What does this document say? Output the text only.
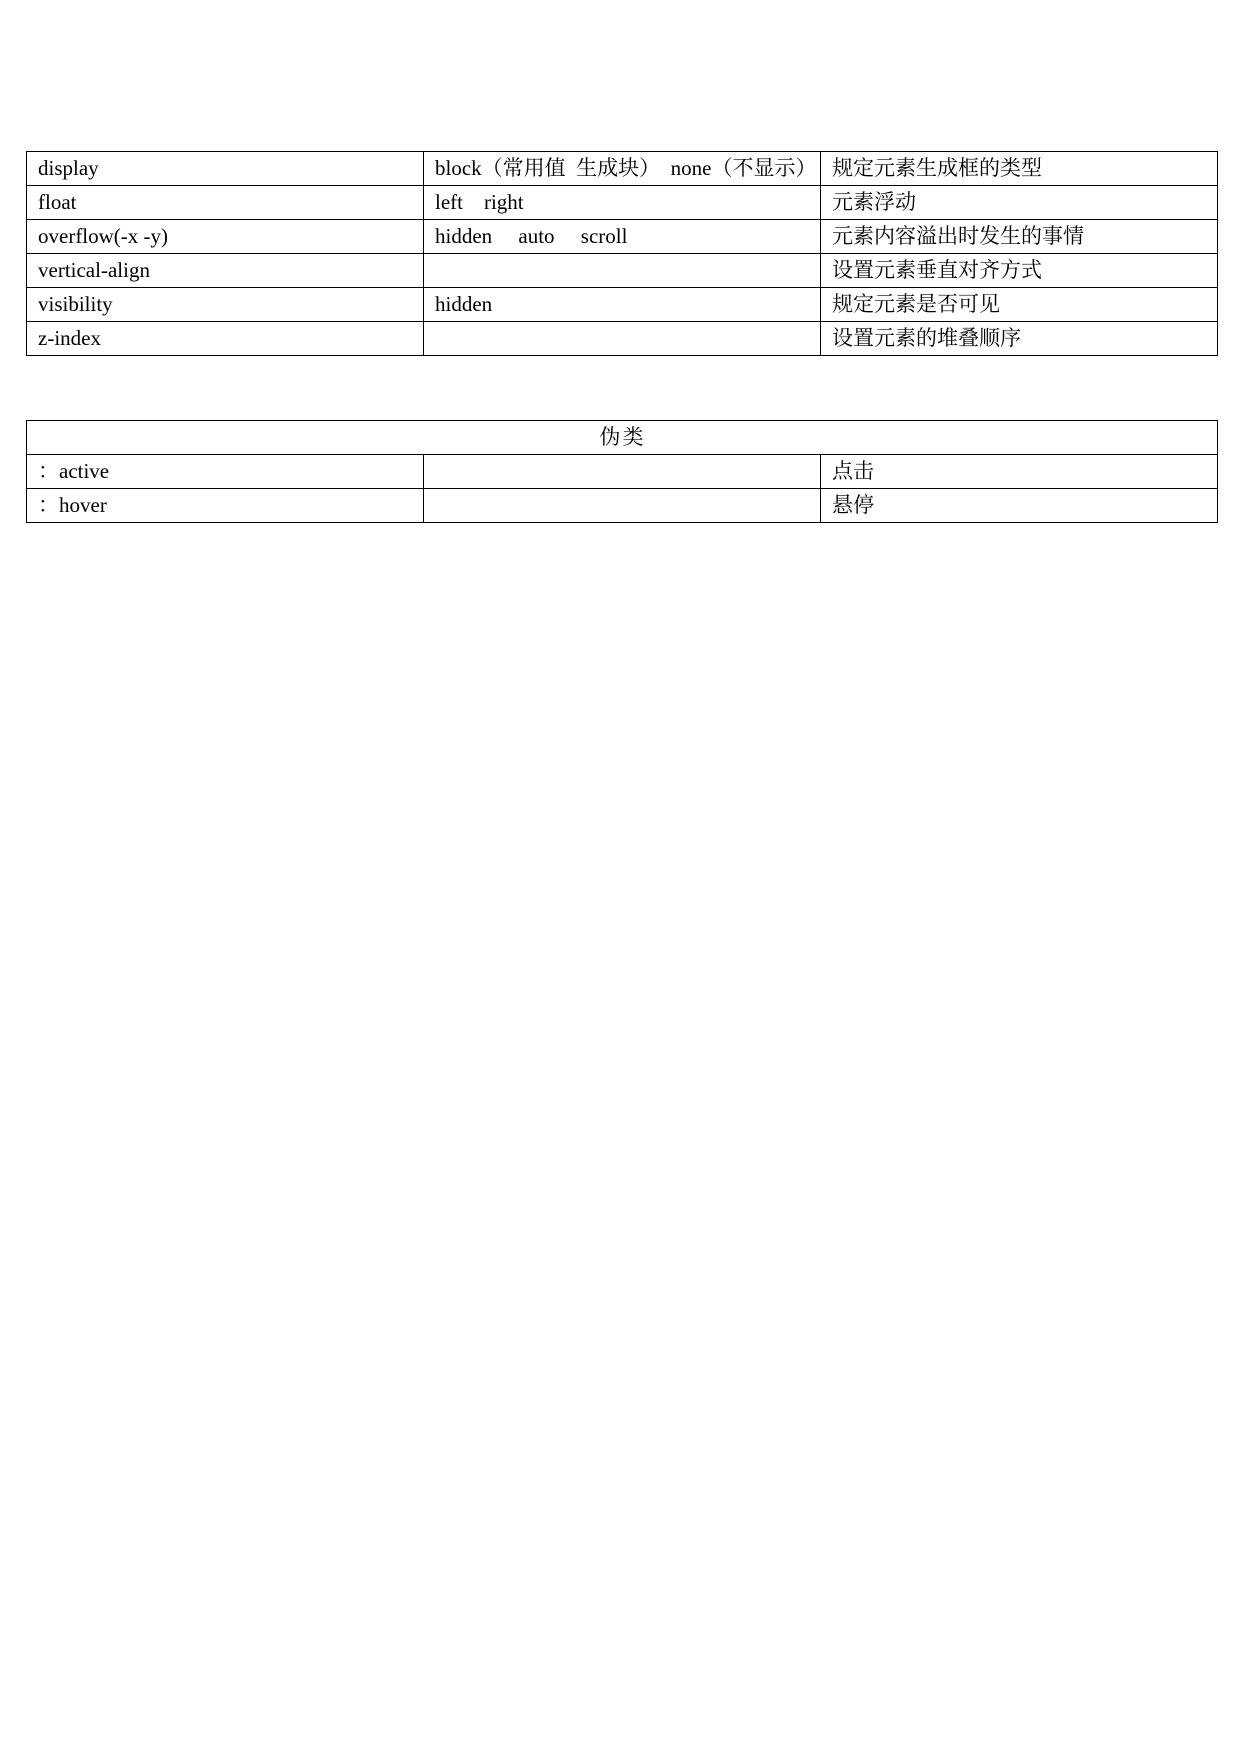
display	block（常用值  生成块）  none（不显示）	规定元素生成框的类型
float	left    right	元素浮动
overflow(-x -y)	hidden     auto     scroll	元素内容溢出时发生的事情
vertical-align		设置元素垂直对齐方式
visibility	hidden	规定元素是否可见
z-index		设置元素的堆叠顺序
伪类		
：active		点击
：hover		悬停
